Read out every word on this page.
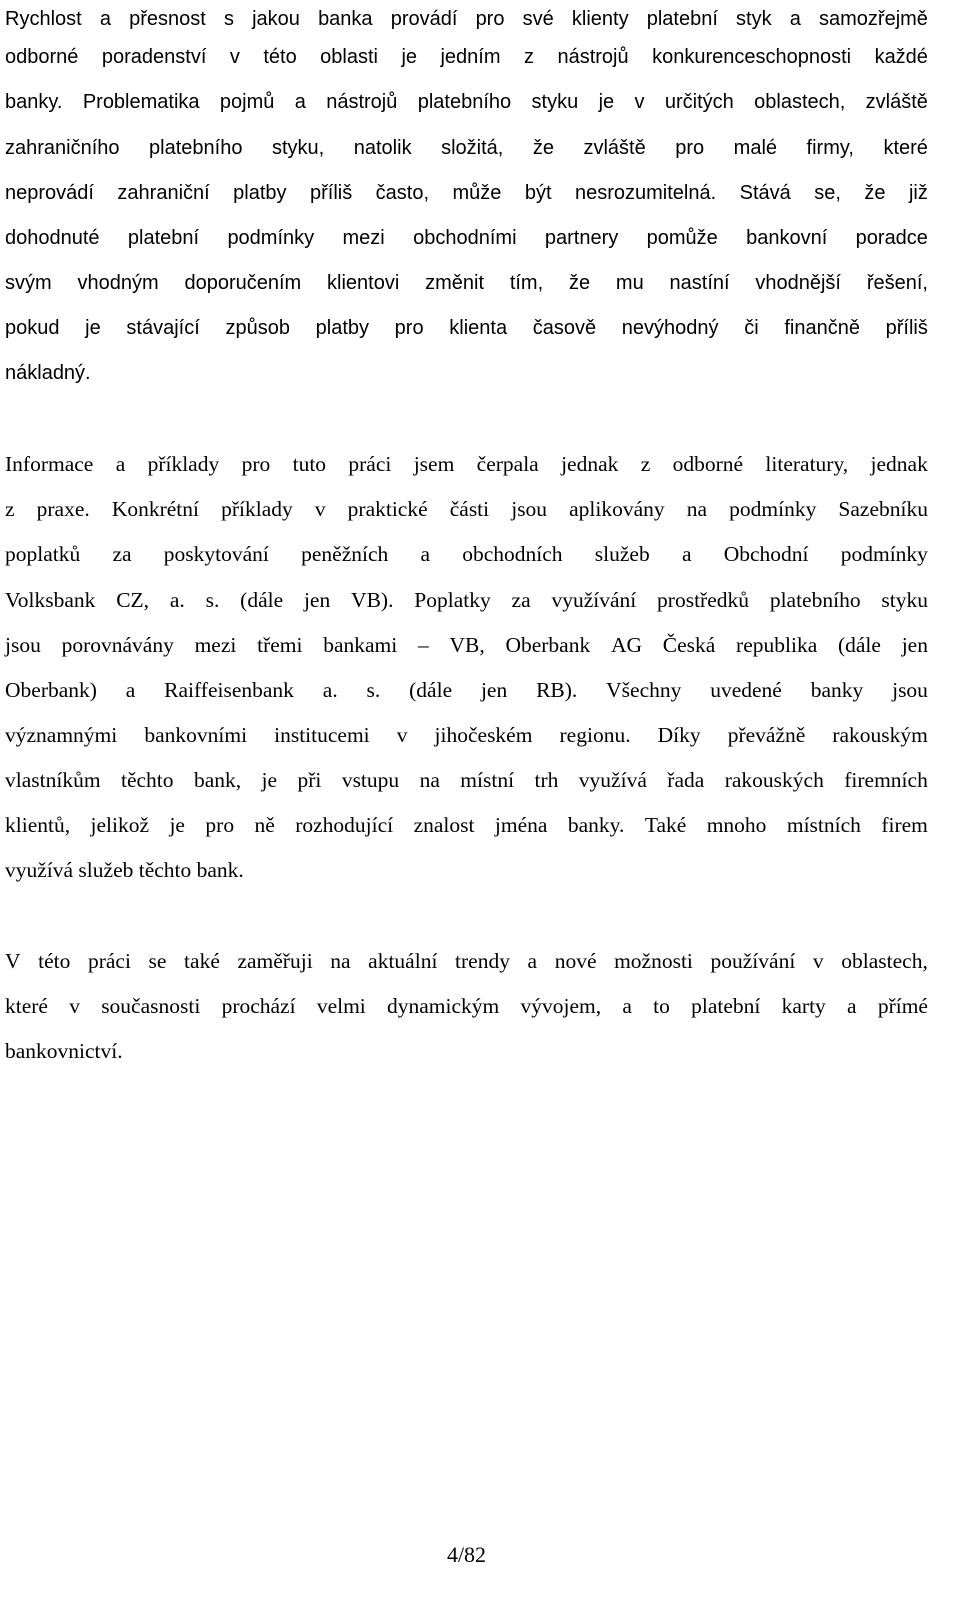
Rychlost a přesnost s jakou banka provádí pro své klienty platební styk a samozřejmě
odborné poradenství v této oblasti je jedním z nástrojů konkurenceschopnosti každé
banky. Problematika pojmů a nástrojů platebního styku je v určitých oblastech, zvláště
zahraničního platebního styku, natolik složitá, že zvláště pro malé firmy, které
neprovádí zahraniční platby příliš často, může být nesrozumitelná. Stává se, že již
dohodnuté platební podmínky mezi obchodními partnery pomůže bankovní poradce
svým vhodným doporučením klientovi změnit tím, že mu nastíní vhodnější řešení,
pokud je stávající způsob platby pro klienta časově nevýhodný či finančně příliš
nákladný.
Informace a příklady pro tuto práci jsem čerpala jednak z odborné literatury, jednak
z praxe. Konkrétní příklady v praktické části jsou aplikovány na podmínky Sazebníku
poplatků za poskytování peněžních a obchodních služeb a Obchodní podmínky
Volksbank CZ, a. s. (dále jen VB). Poplatky za využívání prostředků platebního styku
jsou porovnávány mezi třemi bankami – VB, Oberbank AG Česká republika (dále jen
Oberbank) a Raiffeisenbank a. s. (dále jen RB). Všechny uvedené banky jsou
významnými bankovními institucemi v jihočeském regionu. Díky převážně rakouským
vlastníkům těchto bank, je při vstupu na místní trh využívá řada rakouských firemních
klientů, jelikož je pro ně rozhodující znalost jména banky. Také mnoho místních firem
využívá služeb těchto bank.
V této práci se také zaměřuji na aktuální trendy a nové možnosti používání v oblastech,
které v současnosti prochází velmi dynamickým vývojem, a to platební karty a přímé
bankovnictví.
4/82
